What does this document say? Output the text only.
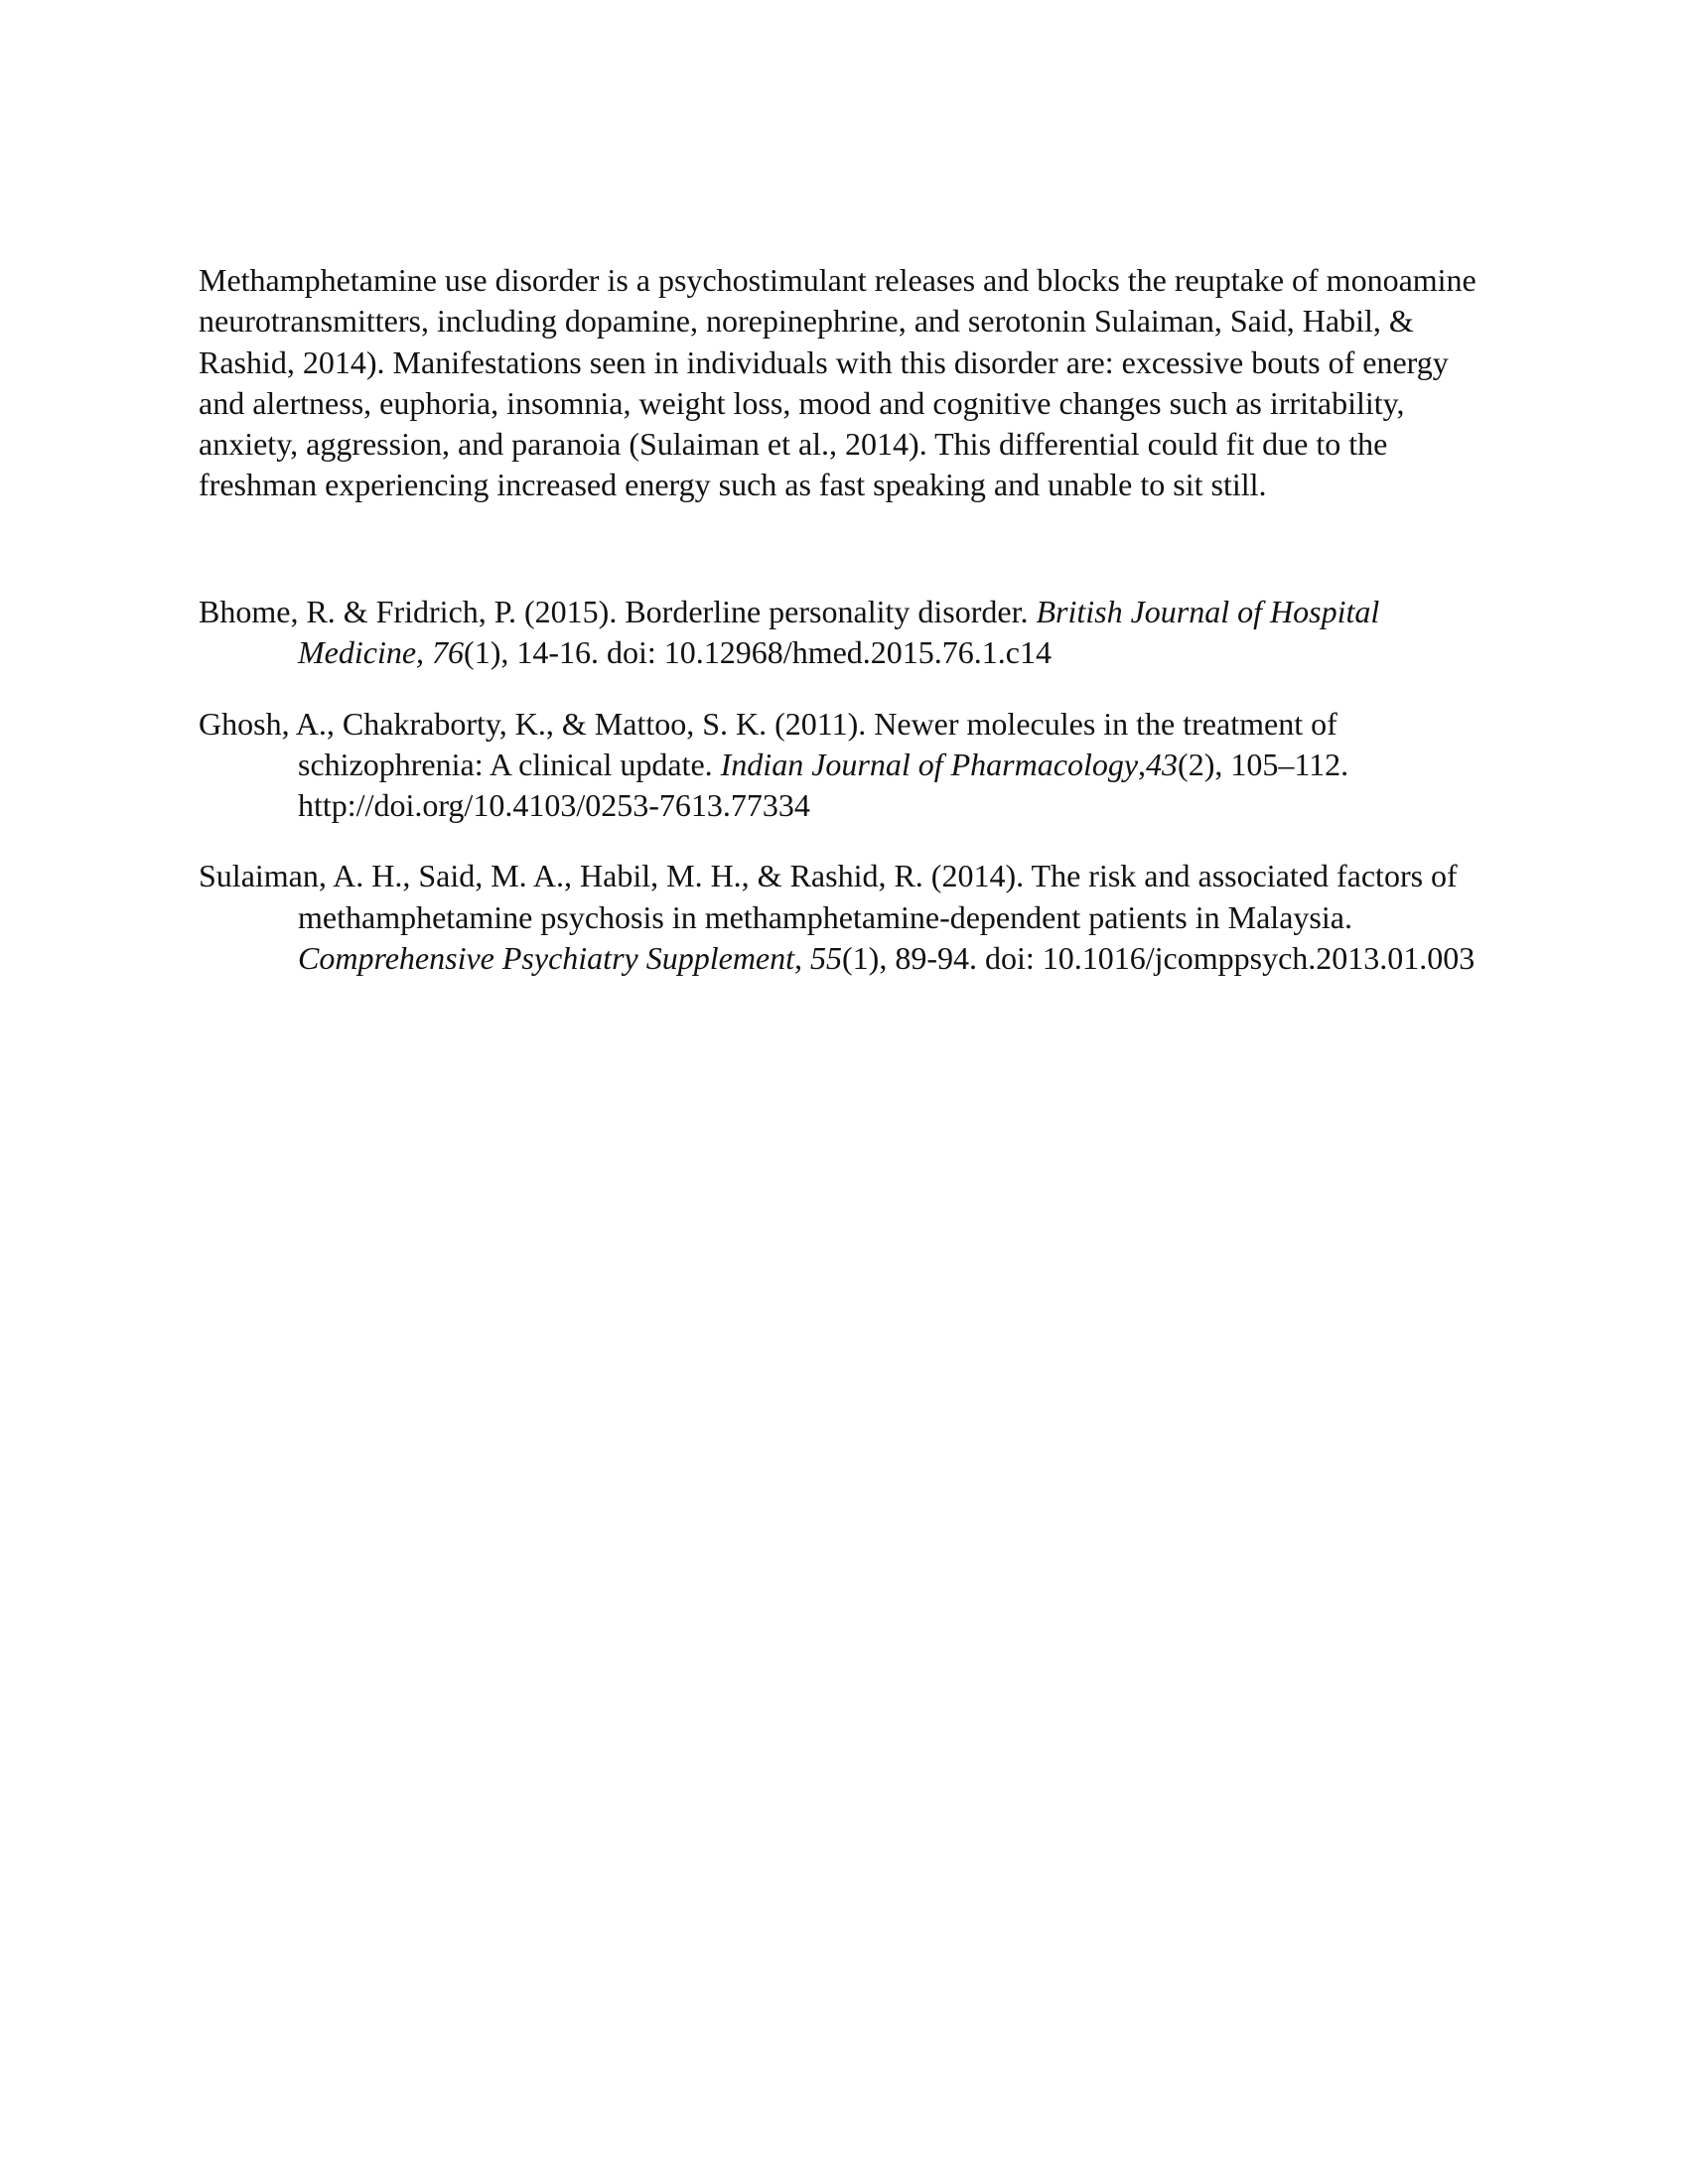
Methamphetamine use disorder is a psychostimulant releases and blocks the reuptake of monoamine neurotransmitters, including dopamine, norepinephrine, and serotonin Sulaiman, Said, Habil, & Rashid, 2014). Manifestations seen in individuals with this disorder are: excessive bouts of energy and alertness, euphoria, insomnia, weight loss, mood and cognitive changes such as irritability, anxiety, aggression, and paranoia (Sulaiman et al., 2014). This differential could fit due to the freshman experiencing increased energy such as fast speaking and unable to sit still.

Bhome, R. & Fridrich, P. (2015). Borderline personality disorder. British Journal of Hospital Medicine, 76(1), 14-16. doi: 10.12968/hmed.2015.76.1.c14
Ghosh, A., Chakraborty, K., & Mattoo, S. K. (2011). Newer molecules in the treatment of schizophrenia: A clinical update. Indian Journal of Pharmacology,43(2), 105–112. http://doi.org/10.4103/0253-7613.77334
Sulaiman, A. H., Said, M. A., Habil, M. H., & Rashid, R. (2014). The risk and associated factors of methamphetamine psychosis in methamphetamine-dependent patients in Malaysia. Comprehensive Psychiatry Supplement, 55(1), 89-94. doi: 10.1016/jcomppsych.2013.01.003
